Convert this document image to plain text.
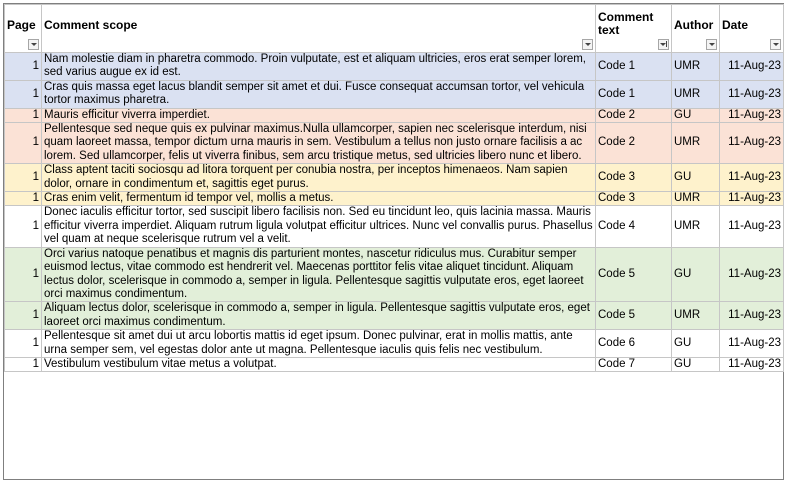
Page	Comment scope	Comment text	Author	Date

1	Nam molestie diam in pharetra commodo. Proin vulputate, est et aliquam ultricies, eros erat semper lorem, sed varius augue ex id est.	Code 1	UMR	11-Aug-23
1	Cras quis massa eget lacus blandit semper sit amet et dui. Fusce consequat accumsan tortor, vel vehicula tortor maximus pharetra.	Code 1	UMR	11-Aug-23
1	Mauris efficitur viverra imperdiet.	Code 2	GU	11-Aug-23
1	Pellentesque sed neque quis ex pulvinar maximus.Nulla ullamcorper, sapien nec scelerisque interdum, nisi quam laoreet massa, tempor dictum urna mauris in sem. Vestibulum a tellus non justo ornare facilisis a ac lorem. Sed ullamcorper, felis ut viverra finibus, sem arcu tristique metus, sed ultricies libero nunc et libero.	Code 2	UMR	11-Aug-23
1	Class aptent taciti sociosqu ad litora torquent per conubia nostra, per inceptos himenaeos. Nam sapien dolor, ornare in condimentum et, sagittis eget purus.	Code 3	GU	11-Aug-23
1	Cras enim velit, fermentum id tempor vel, mollis a metus.	Code 3	UMR	11-Aug-23
1	Donec iaculis efficitur tortor, sed suscipit libero facilisis non. Sed eu tincidunt leo, quis lacinia massa. Mauris efficitur viverra imperdiet. Aliquam rutrum ligula volutpat efficitur ultrices. Nunc vel convallis purus. Phasellus vel quam at neque scelerisque rutrum vel a velit.	Code 4	UMR	11-Aug-23
1	Orci varius natoque penatibus et magnis dis parturient montes, nascetur ridiculus mus. Curabitur semper euismod lectus, vitae commodo est hendrerit vel. Maecenas porttitor felis vitae aliquet tincidunt. Aliquam lectus dolor, scelerisque in commodo a, semper in ligula. Pellentesque sagittis vulputate eros, eget laoreet orci maximus condimentum.	Code 5	GU	11-Aug-23
1	Aliquam lectus dolor, scelerisque in commodo a, semper in ligula. Pellentesque sagittis vulputate eros, eget laoreet orci maximus condimentum.	Code 5	UMR	11-Aug-23
1	Pellentesque sit amet dui ut arcu lobortis mattis id eget ipsum. Donec pulvinar, erat in mollis mattis, ante urna semper sem, vel egestas dolor ante ut magna. Pellentesque iaculis quis felis nec vestibulum.	Code 6	GU	11-Aug-23
1	Vestibulum vestibulum vitae metus a volutpat.	Code 7	GU	11-Aug-23
